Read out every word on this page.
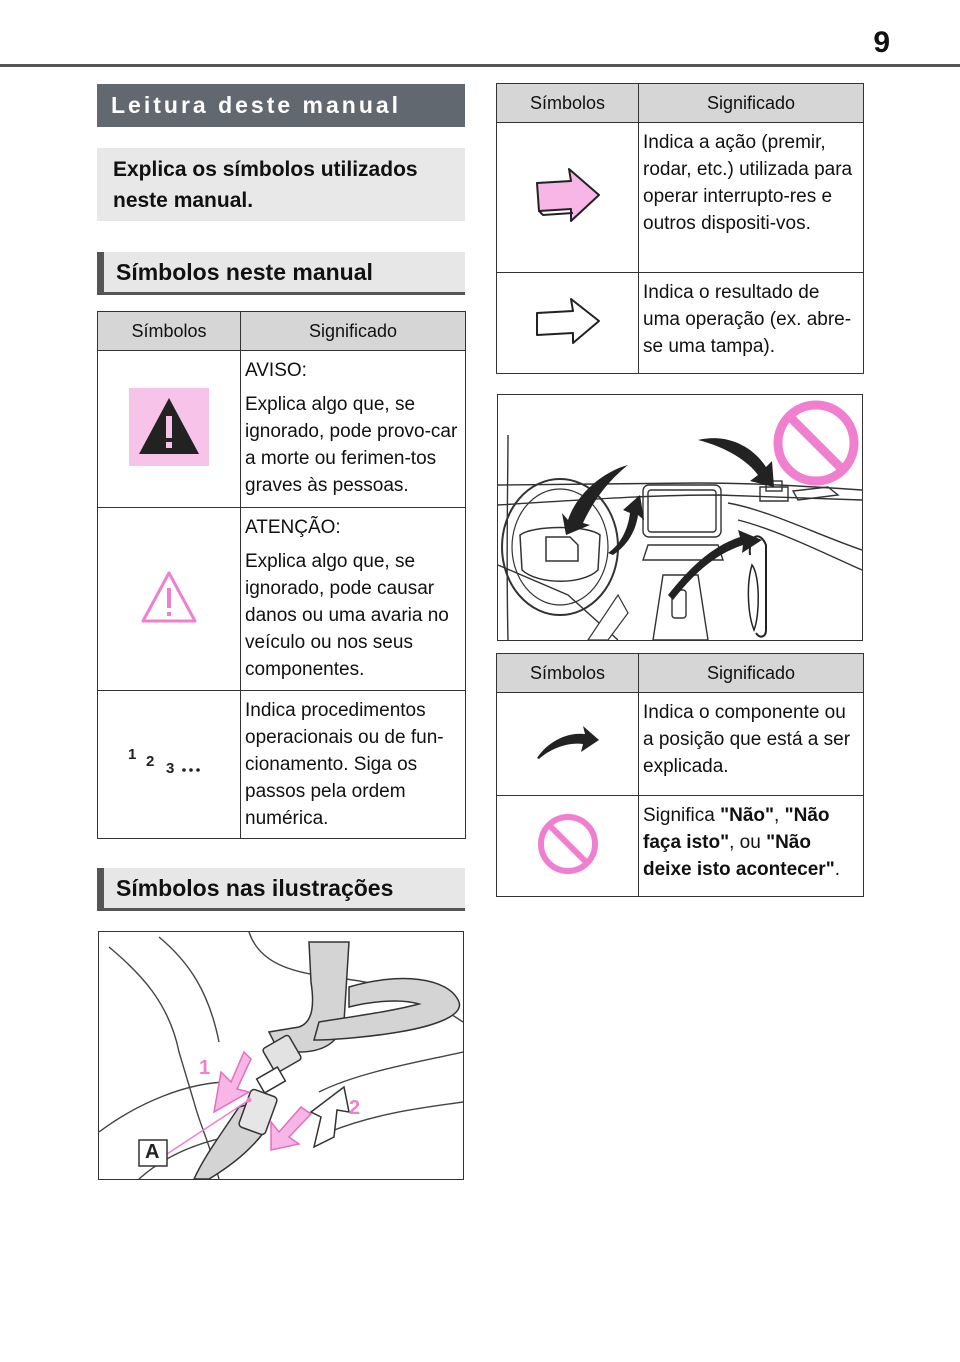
9
Leitura deste manual
Explica os símbolos utilizados neste manual.
Símbolos neste manual
Símbolos	Significado

AVISO:

Explica algo que, se ignorado, pode provo-car a morte ou ferimen-tos graves às pessoas.

ATENÇÃO:

Explica algo que, se ignorado, pode causar danos ou uma avaria no veículo ou nos seus componentes.

1 2 3	Indica procedimentos operacionais ou de fun-cionamento. Siga os passos pela ordem numérica.

Símbolos nas ilustrações
1
2
A
Símbolos	Significado

Indica a ação (premir, rodar, etc.) utilizada para operar interrupto-res e outros dispositi-vos.

Indica o resultado de uma operação (ex. abre-se uma tampa).

Símbolos	Significado

Indica o componente ou a posição que está a ser explicada.

Significa "Não", "Não faça isto", ou "Não deixe isto acontecer".
